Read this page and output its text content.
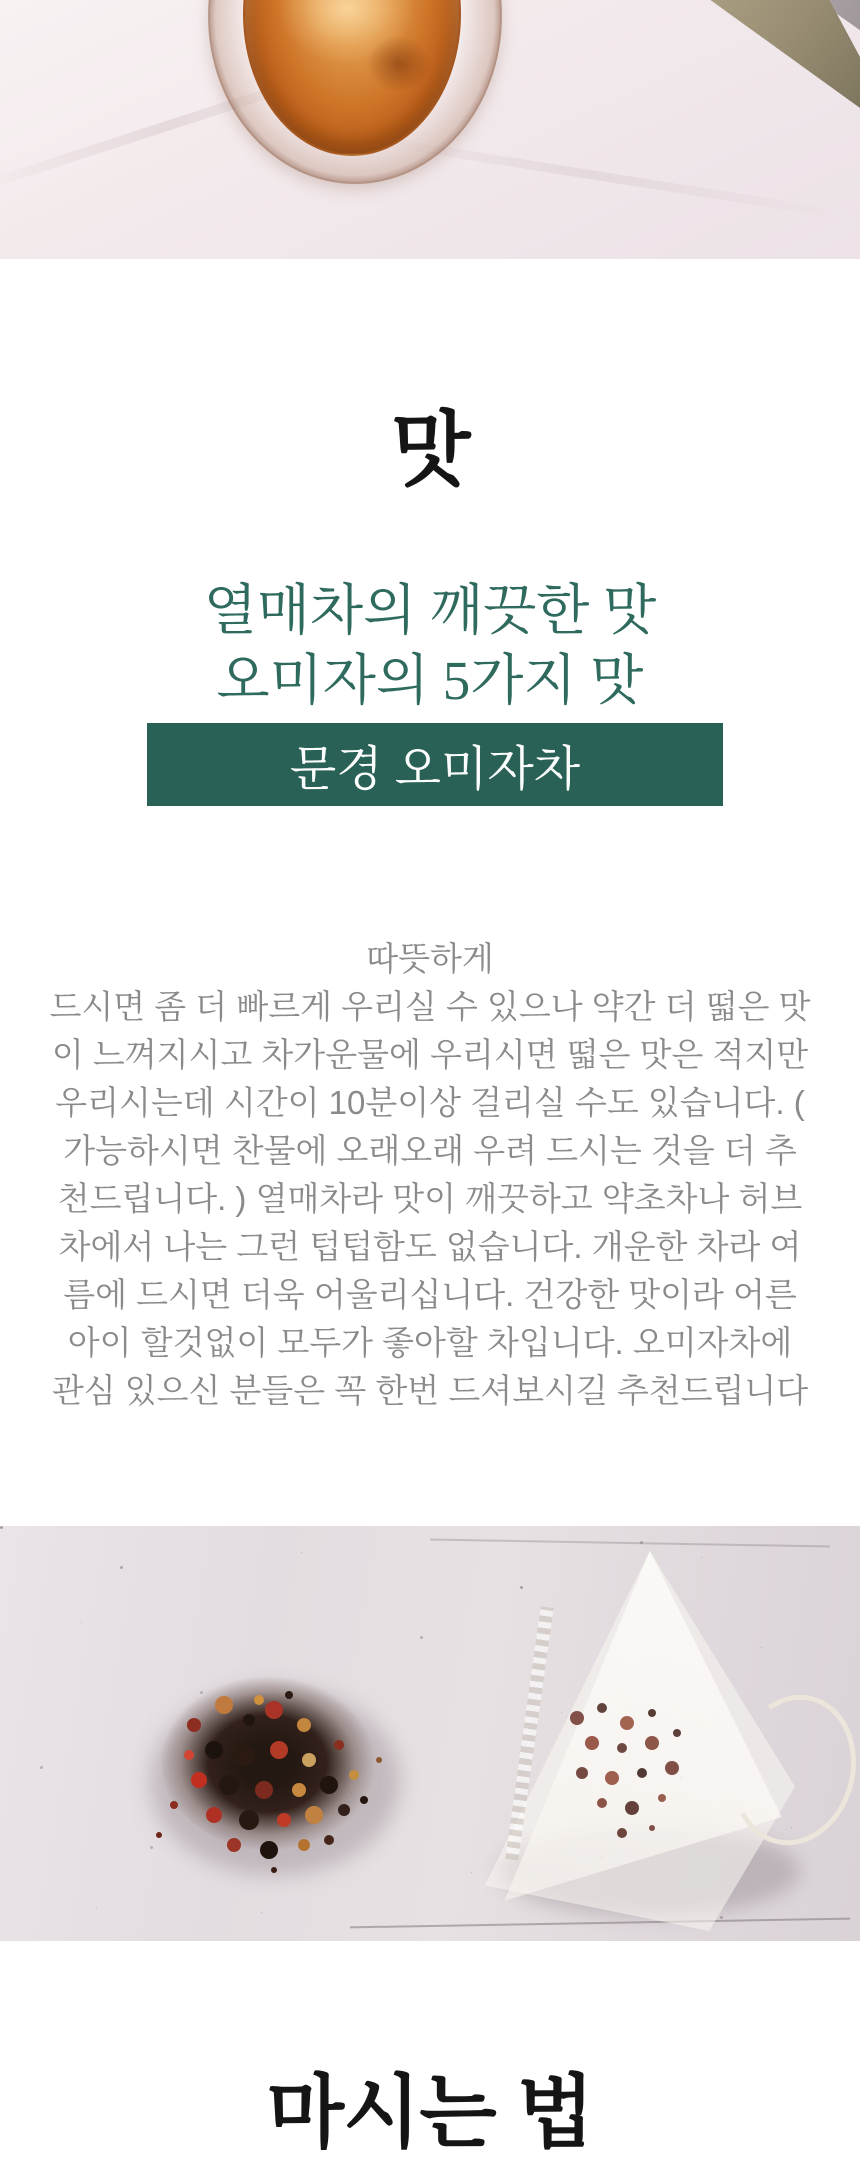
맛
열매차의 깨끗한 맛
오미자의 5가지 맛
문경 오미자차
따뜻하게
드시면 좀 더 빠르게 우리실 수 있으나 약간 더 떫은 맛
이 느껴지시고 차가운물에 우리시면 떫은 맛은 적지만
우리시는데 시간이 10분이상 걸리실 수도 있습니다. (
가능하시면 찬물에 오래오래 우려 드시는 것을 더 추
천드립니다. ) 열매차라 맛이 깨끗하고 약초차나 허브
차에서 나는 그런 텁텁함도 없습니다. 개운한 차라 여
름에 드시면 더욱 어울리십니다. 건강한 맛이라 어른
아이 할것없이 모두가 좋아할 차입니다. 오미자차에
관심 있으신 분들은 꼭 한번 드셔보시길 추천드립니다
마시는 법
